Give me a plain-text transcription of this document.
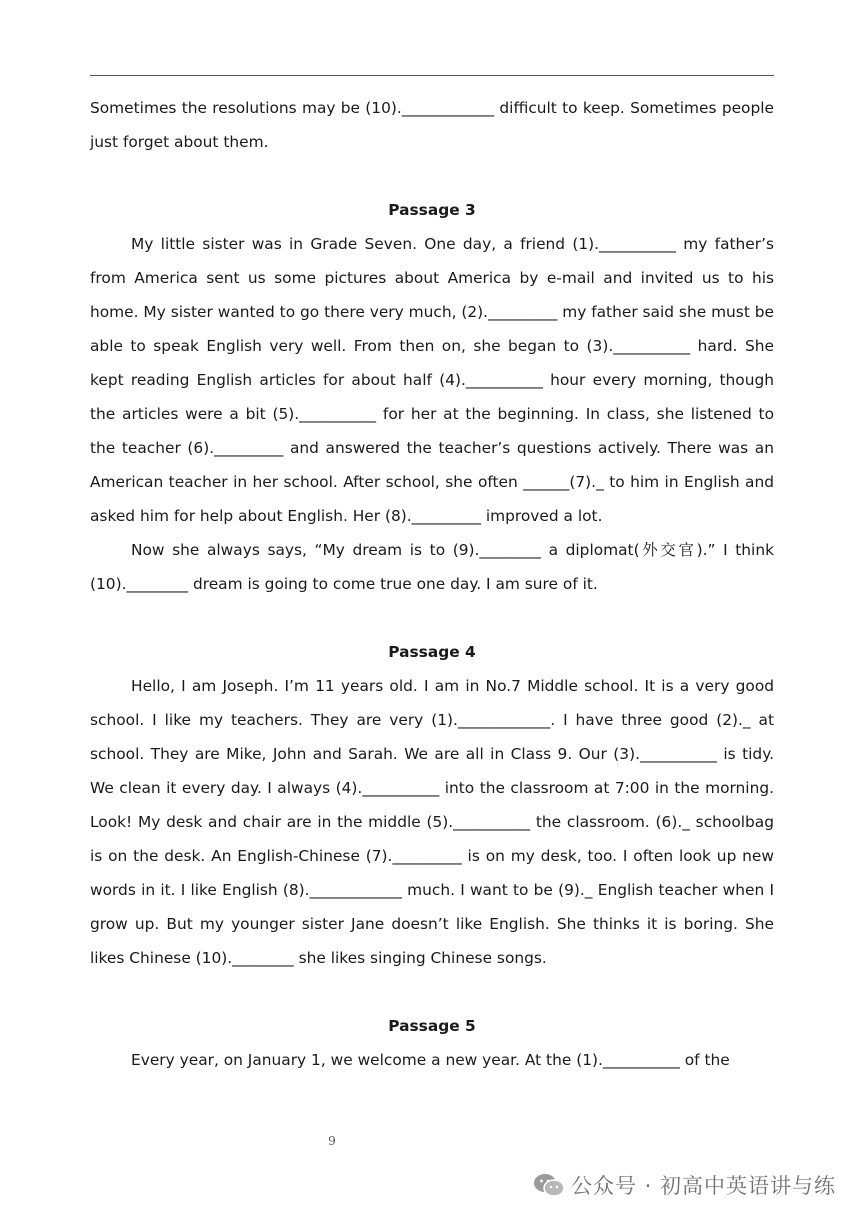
Sometimes the resolutions may be (10).____________ difficult to keep. Sometimes people just forget about them.

Passage 3

My little sister was in Grade Seven. One day, a friend (1).__________ my father’s from America sent us some pictures about America by e-mail and invited us to his home. My sister wanted to go there very much, (2)._________ my father said she must be able to speak English very well. From then on, she began to (3).__________ hard. She kept reading English articles for about half (4).__________ hour every morning, though the articles were a bit (5).__________ for her at the beginning. In class, she listened to the teacher (6)._________ and answered the teacher’s questions actively. There was an American teacher in her school. After school, she often ______(7)._ to him in English and asked him for help about English. Her (8)._________ improved a lot.

Now she always says, “My dream is to (9).________ a diplomat(外交官).” I think (10).________ dream is going to come true one day. I am sure of it.

Passage 4

Hello, I am Joseph. I’m 11 years old. I am in No.7 Middle school. It is a very good school. I like my teachers. They are very (1).____________. I have three good (2)._ at school. They are Mike, John and Sarah. We are all in Class 9. Our (3).__________ is tidy. We clean it every day. I always (4).__________ into the classroom at 7:00 in the morning. Look! My desk and chair are in the middle (5).__________ the classroom. (6)._ schoolbag is on the desk. An English-Chinese (7)._________ is on my desk, too. I often look up new words in it. I like English (8).____________ much. I want to be (9)._ English teacher when I grow up. But my younger sister Jane doesn’t like English. She thinks it is boring. She likes Chinese (10).________ she likes singing Chinese songs.

Passage 5

Every year, on January 1, we welcome a new year. At the (1).__________ of the

9
公众号 · 初高中英语讲与练
